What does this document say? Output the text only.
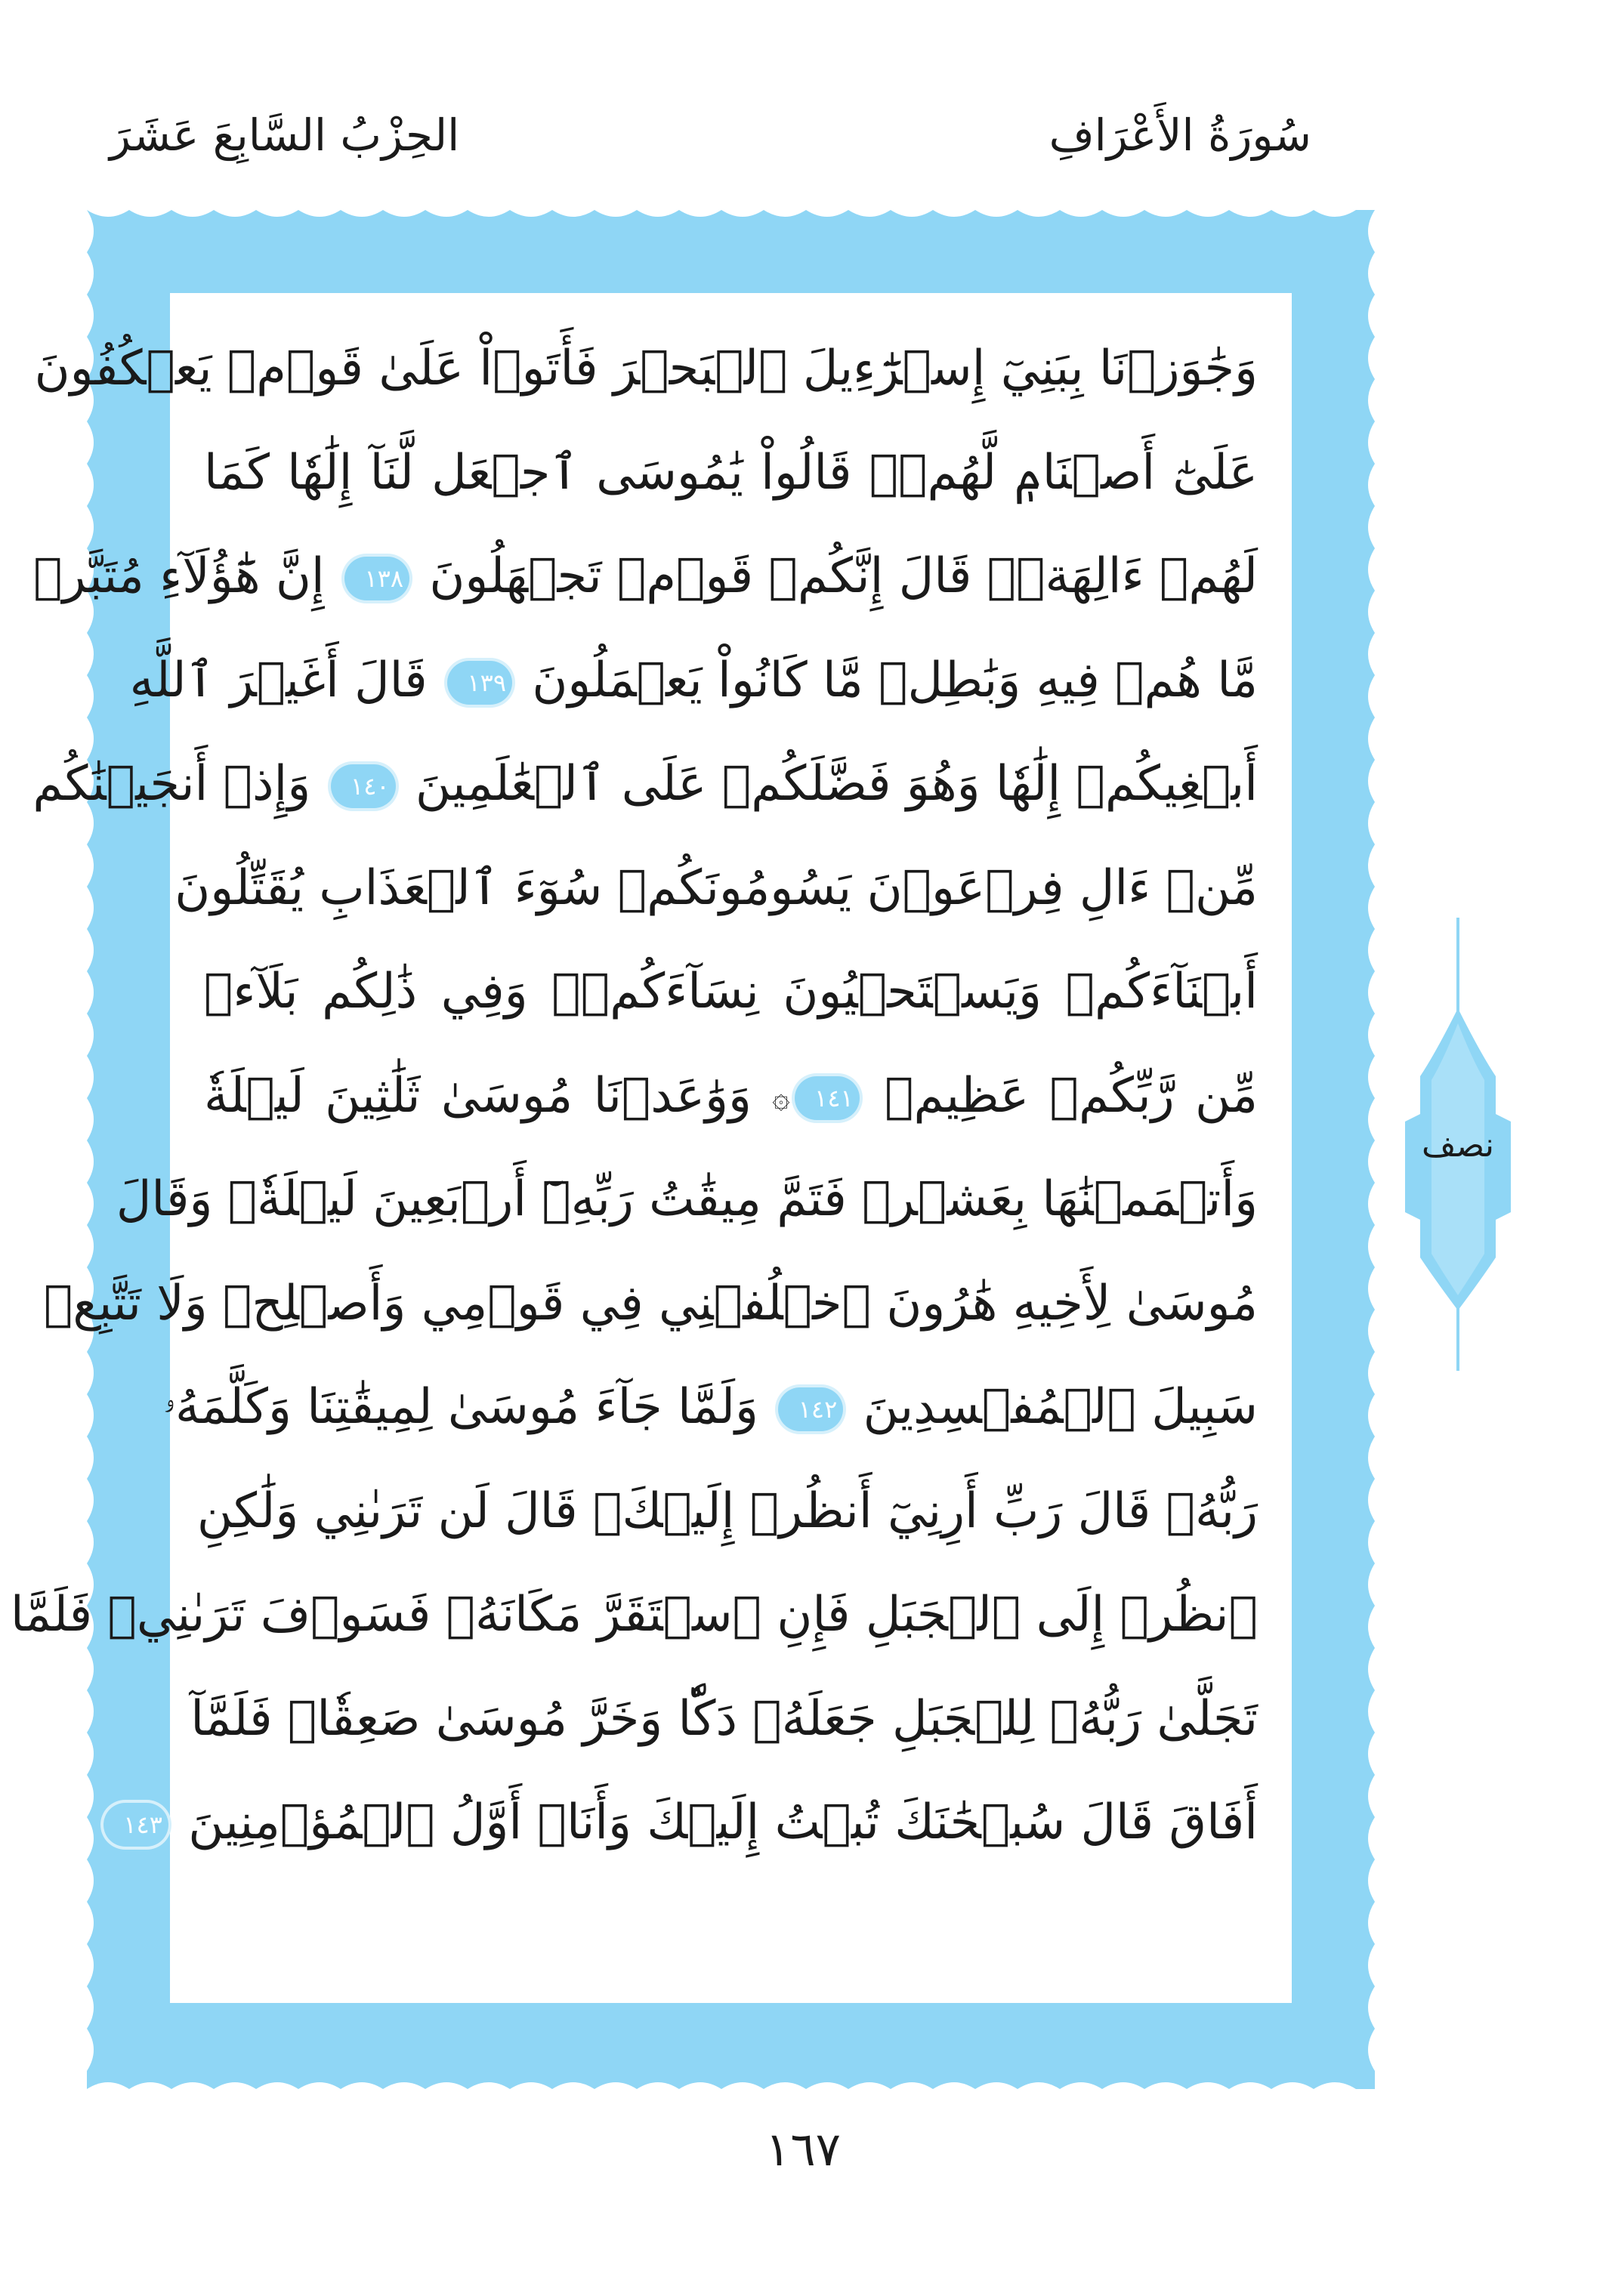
سُورَةُ الأَعْرَافِ
الحِزْبُ السَّابِعَ عَشَرَ
وَجَٰوَزۡنَا بِبَنِيٓ إِسۡرَٰٓءِيلَ ٱلۡبَحۡرَ فَأَتَوۡاْ عَلَىٰ قَوۡمٖ يَعۡكُفُونَ
عَلَىٰٓ أَصۡنَامٖ لَّهُمۡۚ قَالُواْ يَٰمُوسَى ٱجۡعَل لَّنَآ إِلَٰهٗا كَمَا
لَهُمۡ ءَالِهَةٞۚ قَالَ إِنَّكُمۡ قَوۡمٞ تَجۡهَلُونَ ١٣٨ إِنَّ هَٰٓؤُلَآءِ مُتَبَّرٞ
مَّا هُمۡ فِيهِ وَبَٰطِلٞ مَّا كَانُواْ يَعۡمَلُونَ ١٣٩ قَالَ أَغَيۡرَ ٱللَّهِ
أَبۡغِيكُمۡ إِلَٰهٗا وَهُوَ فَضَّلَكُمۡ عَلَى ٱلۡعَٰلَمِينَ ١٤٠ وَإِذۡ أَنجَيۡنَٰكُم
مِّنۡ ءَالِ فِرۡعَوۡنَ يَسُومُونَكُمۡ سُوٓءَ ٱلۡعَذَابِ يُقَتِّلُونَ
أَبۡنَآءَكُمۡ وَيَسۡتَحۡيُونَ نِسَآءَكُمۡۚ وَفِي ذَٰلِكُم بَلَآءٞ
مِّن رَّبِّكُمۡ عَظِيمٞ ١٤١۞ وَوَٰعَدۡنَا مُوسَىٰ ثَلَٰثِينَ لَيۡلَةٗ
وَأَتۡمَمۡنَٰهَا بِعَشۡرٖ فَتَمَّ مِيقَٰتُ رَبِّهِۦٓ أَرۡبَعِينَ لَيۡلَةٗۚ وَقَالَ
مُوسَىٰ لِأَخِيهِ هَٰرُونَ ٱخۡلُفۡنِي فِي قَوۡمِي وَأَصۡلِحۡ وَلَا تَتَّبِعۡ
سَبِيلَ ٱلۡمُفۡسِدِينَ ١٤٢ وَلَمَّا جَآءَ مُوسَىٰ لِمِيقَٰتِنَا وَكَلَّمَهُۥ
رَبُّهُۥ قَالَ رَبِّ أَرِنِيٓ أَنظُرۡ إِلَيۡكَۚ قَالَ لَن تَرَىٰنِي وَلَٰكِنِ
ٱنظُرۡ إِلَى ٱلۡجَبَلِ فَإِنِ ٱسۡتَقَرَّ مَكَانَهُۥ فَسَوۡفَ تَرَىٰنِيۚ فَلَمَّا
تَجَلَّىٰ رَبُّهُۥ لِلۡجَبَلِ جَعَلَهُۥ دَكّٗا وَخَرَّ مُوسَىٰ صَعِقٗاۚ فَلَمَّآ
أَفَاقَ قَالَ سُبۡحَٰنَكَ تُبۡتُ إِلَيۡكَ وَأَنَا۠ أَوَّلُ ٱلۡمُؤۡمِنِينَ ١٤٣
نصف
١٦٧
